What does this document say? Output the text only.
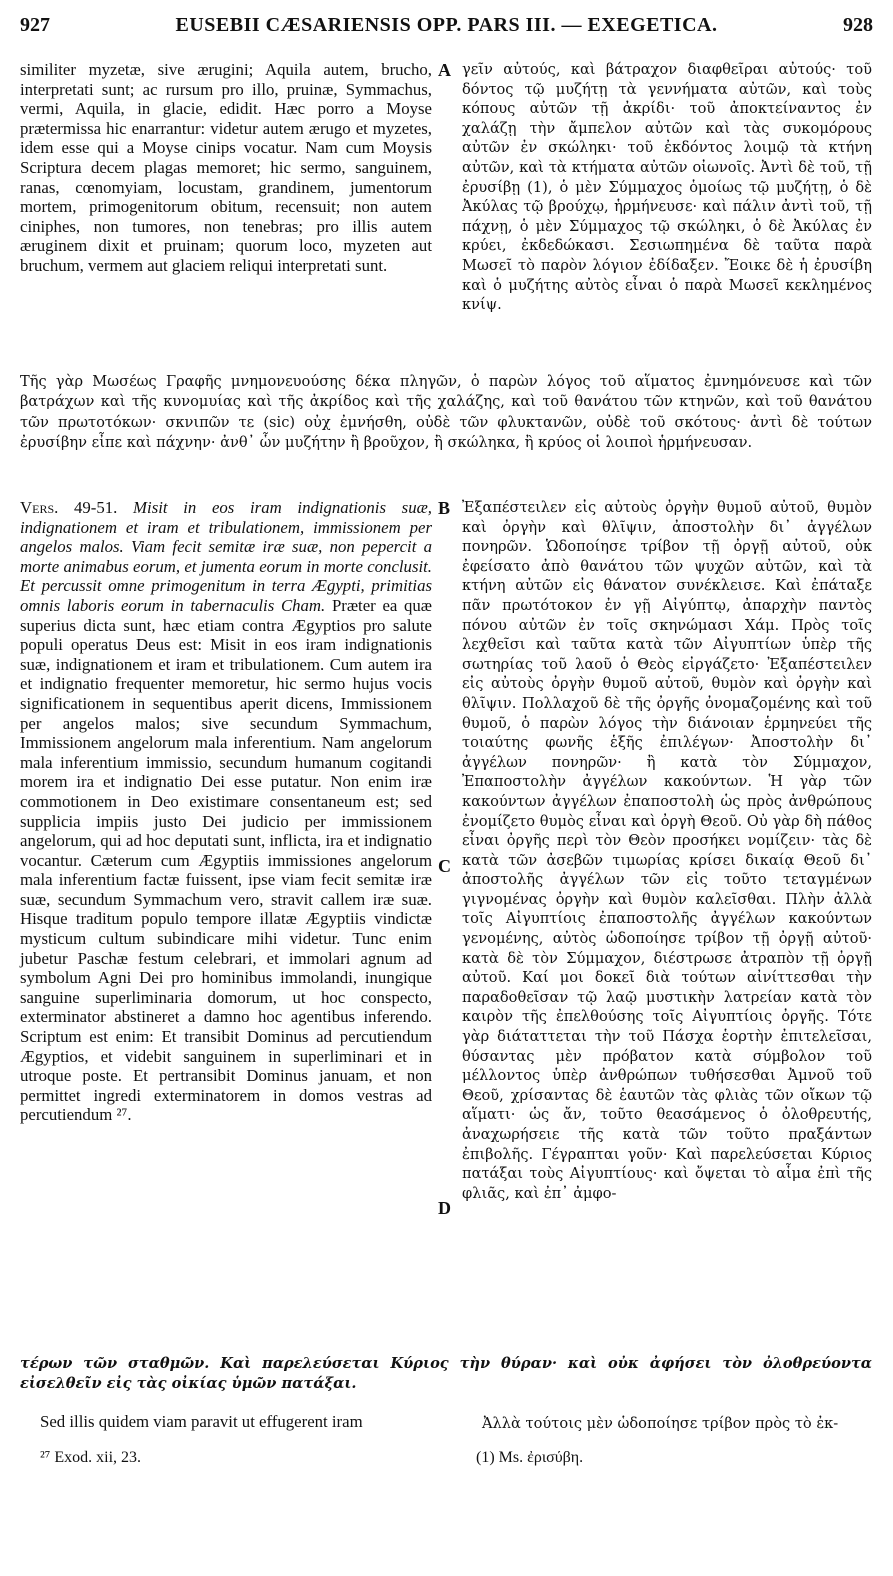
927	EUSEBII CÆSARIENSIS OPP. PARS III. — EXEGETICA.	928

similiter myzetæ, sive ærugini; Aquila autem, brucho, interpretati sunt; ac rursum pro illo, pruinæ, Symmachus, vermi, Aquila, in glacie, edidit. Hæc porro a Moyse prætermissa hic enarrantur: videtur autem ærugo et myzetes, idem esse qui a Moyse cinips vocatur. Nam cum Moysis Scriptura decem plagas memoret; hic sermo, sanguinem, ranas, cœnomyiam, locustam, grandinem, jumentorum mortem, primogenitorum obitum, recensuit; non autem ciniphes, non tumores, non tenebras; pro illis autem æruginem dixit et pruinam; quorum loco, myzeten aut bruchum, vermem aut glaciem reliqui interpretati sunt.

γεῖν αὐτούς, καὶ βάτραχον διαφθεῖραι αὐτούς· τοῦ δόντος τῷ μυζήτῃ τὰ γεννήματα αὐτῶν, καὶ τοὺς κόπους αὐτῶν τῇ ἀκρίδι· τοῦ ἀποκτείναντος ἐν χαλάζῃ τὴν ἄμπελον αὐτῶν καὶ τὰς συκομόρους αὐτῶν ἐν σκώληκι· τοῦ ἐκδόντος λοιμῷ τὰ κτήνη αὐτῶν, καὶ τὰ κτήματα αὐτῶν οἰωνοῖς. Ἀντὶ δὲ τοῦ, τῇ ἐρυσίβῃ (1), ὁ μὲν Σύμμαχος ὁμοίως τῷ μυζήτῃ, ὁ δὲ Ἀκύλας τῷ βρούχῳ, ἡρμήνευσε· καὶ πάλιν ἀντὶ τοῦ, τῇ πάχνῃ, ὁ μὲν Σύμμαχος τῷ σκώληκι, ὁ δὲ Ἀκύλας ἐν κρύει, ἐκδεδώκασι. Σεσιωπημένα δὲ ταῦτα παρὰ Μωσεῖ τὸ παρὸν λόγιον ἐδίδαξεν. Ἔοικε δὲ ἡ ἐρυσίβη καὶ ὁ μυζήτης αὐτὸς εἶναι ὁ παρὰ Μωσεῖ κεκλημένος κνίψ.

A

Τῆς γὰρ Μωσέως Γραφῆς μνημονευούσης δέκα πληγῶν, ὁ παρὼν λόγος τοῦ αἵματος ἐμνημόνευσε καὶ τῶν βατράχων καὶ τῆς κυνομυίας καὶ τῆς ἀκρίδος καὶ τῆς χαλάζης, καὶ τοῦ θανάτου τῶν κτηνῶν, καὶ τοῦ θανάτου τῶν πρωτοτόκων· σκνιπῶν τε (sic) οὐχ ἐμνήσθη, οὐδὲ τῶν φλυκτανῶν, οὐδὲ τοῦ σκότους· ἀντὶ δὲ τούτων ἐρυσίβην εἶπε καὶ πάχνην· ἀνθ᾽ ὧν μυζήτην ἢ βροῦχον, ἢ σκώληκα, ἢ κρύος οἱ λοιποὶ ἡρμήνευσαν.

Vers. 49-51. Misit in eos iram indignationis suæ, indignationem et iram et tribulationem, immissionem per angelos malos. Viam fecit semitæ iræ suæ, non pepercit a morte animabus eorum, et jumenta eorum in morte conclusit. Et percussit omne primogenitum in terra Ægypti, primitias omnis laboris eorum in tabernaculis Cham. Præter ea quæ superius dicta sunt, hæc etiam contra Ægyptios pro salute populi operatus Deus est: Misit in eos iram indignationis suæ, indignationem et iram et tribulationem. Cum autem ira et indignatio frequenter memoretur, hic sermo hujus vocis significationem in sequentibus aperit dicens, Immissionem per angelos malos; sive secundum Symmachum, Immissionem angelorum mala inferentium. Nam angelorum mala inferentium immissio, secundum humanum cogitandi morem ira et indignatio Dei esse putatur. Non enim iræ commotionem in Deo existimare consentaneum est; sed supplicia impiis justo Dei judicio per immissionem angelorum, qui ad hoc deputati sunt, inflicta, ira et indignatio vocantur. Cæterum cum Ægyptiis immissiones angelorum mala inferentium factæ fuissent, ipse viam fecit semitæ iræ suæ, secundum Symmachum vero, stravit callem iræ suæ. Hisque traditum populo tempore illatæ Ægyptiis vindictæ mysticum cultum subindicare mihi videtur. Tunc enim jubetur Paschæ festum celebrari, et immolari agnum ad symbolum Agni Dei pro hominibus immolandi, inungique sanguine superliminaria domorum, ut hoc conspecto, exterminator abstineret a damno hoc agentibus inferendo. Scriptum est enim: Et transibit Dominus ad percutiendum Ægyptios, et videbit sanguinem in superliminari et in utroque poste. Et pertransibit Dominus januam, et non permittet ingredi exterminatorem in domos vestras ad percutiendum ²⁷.

B Ἐξαπέστειλεν εἰς αὐτοὺς ὀργὴν θυμοῦ αὐτοῦ, θυμὸν καὶ ὀργὴν καὶ θλῖψιν, ἀποστολὴν δι᾽ ἀγγέλων πονηρῶν. Ὡδοποίησε τρίβον τῇ ὀργῇ αὐτοῦ, οὐκ ἐφείσατο ἀπὸ θανάτου τῶν ψυχῶν αὐτῶν, καὶ τὰ κτήνη αὐτῶν εἰς θάνατον συνέκλεισε. Καὶ ἐπάταξε πᾶν πρωτότοκον ἐν γῇ Αἰγύπτῳ, ἀπαρχὴν παντὸς πόνου αὐτῶν ἐν τοῖς σκηνώμασι Χάμ. Πρὸς τοῖς λεχθεῖσι καὶ ταῦτα κατὰ τῶν Αἰγυπτίων ὑπὲρ τῆς σωτηρίας τοῦ λαοῦ ὁ Θεὸς εἰργάζετο· Ἐξαπέστειλεν εἰς αὐτοὺς ὀργὴν θυμοῦ αὐτοῦ, θυμὸν καὶ ὀργὴν καὶ θλῖψιν. Πολλαχοῦ δὲ τῆς ὀργῆς ὀνομαζομένης καὶ τοῦ θυμοῦ, ὁ παρὼν λόγος τὴν διάνοιαν ἑρμηνεύει τῆς τοιαύτης φωνῆς ἑξῆς ἐπιλέγων· Ἀποστολὴν δι᾽ ἀγγέλων πονηρῶν· ἢ κατὰ τὸν Σύμμαχον, Ἐπαποστολὴν ἀγγέλων κακούντων. Ἡ γὰρ τῶν κακούντων ἀγγέλων ἐπαποστολὴ ὡς πρὸς ἀνθρώπους ἐνομίζετο θυμὸς εἶναι καὶ ὀργὴ Θεοῦ. Οὐ γὰρ δὴ πάθος εἶναι ὀργῆς περὶ τὸν Θεὸν προσήκει νομίζειν· τὰς δὲ κατὰ τῶν ἀσεβῶν τιμωρίας κρίσει δικαίᾳ Θεοῦ δι᾽ ἀποστολῆς ἀγγέλων τῶν εἰς τοῦτο τεταγμένων γιγνομένας ὀργὴν καὶ θυμὸν καλεῖσθαι. Πλὴν ἀλλὰ τοῖς Αἰγυπτίοις ἐπαποστολῆς ἀγγέλων κακούντων γενομένης, αὐτὸς ὡδοποίησε τρίβον τῇ ὀργῇ αὐτοῦ· κατὰ δὲ τὸν Σύμμαχον, διέστρωσε ἀτραπὸν τῇ ὀργῇ αὐτοῦ. Καί μοι δοκεῖ διὰ τούτων αἰνίττεσθαι τὴν παραδοθεῖσαν τῷ λαῷ μυστικὴν λατρείαν κατὰ τὸν καιρὸν τῆς ἐπελθούσης τοῖς Αἰγυπτίοις ὀργῆς. Τότε γὰρ διάταττεται τὴν τοῦ Πάσχα ἑορτὴν ἐπιτελεῖσαι, θύσαντας μὲν πρόβατον κατὰ σύμβολον τοῦ μέλλοντος ὑπὲρ ἀνθρώπων τυθήσεσθαι Ἀμνοῦ τοῦ Θεοῦ, χρίσαντας δὲ ἑαυτῶν τὰς φλιὰς τῶν οἴκων τῷ αἵματι· ὡς ἄν, τοῦτο θεασάμενος ὁ ὀλοθρευτής, ἀναχωρήσειε τῆς κατὰ τῶν τοῦτο πραξάντων ἐπιβολῆς. Γέγραπται γοῦν· Καὶ παρελεύσεται Κύριος πατάξαι τοὺς Αἰγυπτίους· καὶ ὄψεται τὸ αἷμα ἐπὶ τῆς φλιᾶς, καὶ ἐπ᾽ ἀμφο-

C
D

τέρων τῶν σταθμῶν. Καὶ παρελεύσεται Κύριος τὴν θύραν· καὶ οὐκ ἀφήσει τὸν ὀλοθρεύοντα εἰσελθεῖν εἰς τὰς οἰκίας ὑμῶν πατάξαι.

Sed illis quidem viam paravit ut effugerent iram	Ἀλλὰ τούτοις μὲν ὡδοποίησε τρίβον πρὸς τὸ ἐκ-

²⁷ Exod. xii, 23.	(1) Ms. ἐρισύβη.
